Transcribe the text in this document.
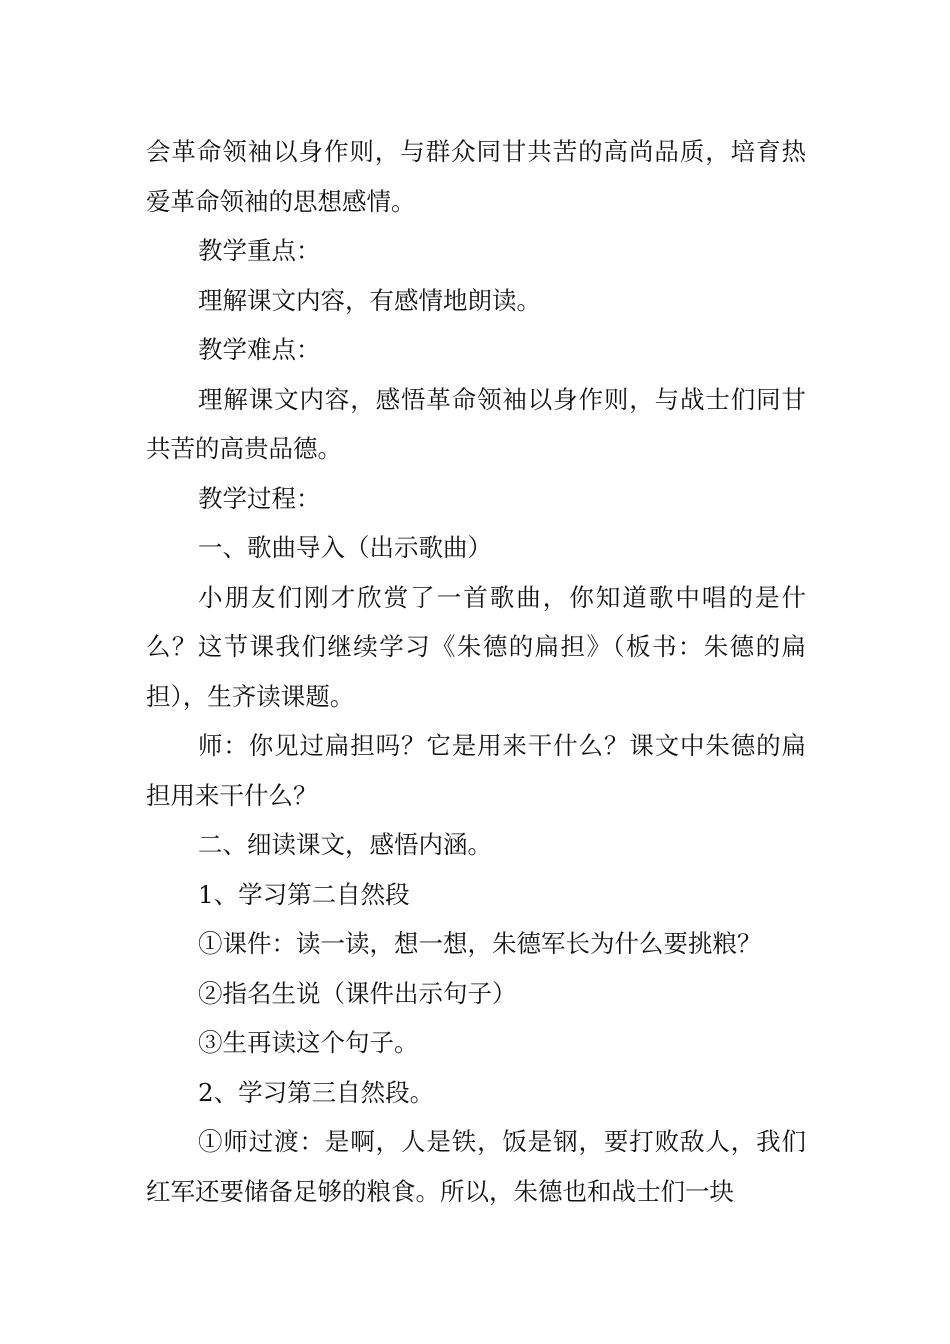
会革命领袖以身作则，与群众同甘共苦的高尚品质，培育热爱革命领袖的思想感情。

教学重点：

理解课文内容，有感情地朗读。

教学难点：

理解课文内容，感悟革命领袖以身作则，与战士们同甘共苦的高贵品德。

教学过程：

一、歌曲导入（出示歌曲）

小朋友们刚才欣赏了一首歌曲，你知道歌中唱的是什么？这节课我们继续学习《朱德的扁担》（板书：朱德的扁担），生齐读课题。

师：你见过扁担吗？它是用来干什么？课文中朱德的扁担用来干什么？

二、细读课文，感悟内涵。

1、学习第二自然段

①课件：读一读，想一想，朱德军长为什么要挑粮？

②指名生说（课件出示句子）

③生再读这个句子。

2、学习第三自然段。

①师过渡：是啊，人是铁，饭是钢，要打败敌人，我们红军还要储备足够的粮食。所以，朱德也和战士们一块
